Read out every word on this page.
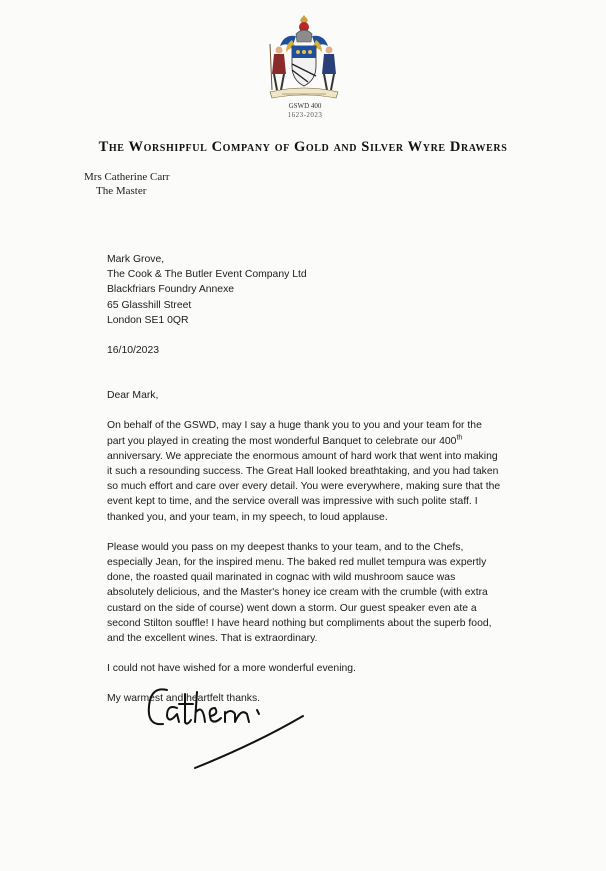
GSWD 400
1623-2023
The Worshipful Company of Gold and Silver Wyre Drawers
Mrs Catherine Carr
The Master

Mark Grove,
The Cook & The Butler Event Company Ltd
Blackfriars Foundry Annexe
65 Glasshill Street
London SE1 0QR

16/10/2023

Dear Mark,

On behalf of the GSWD, may I say a huge thank you to you and your team for the part you played in creating the most wonderful Banquet to celebrate our 400th anniversary. We appreciate the enormous amount of hard work that went into making it such a resounding success. The Great Hall looked breathtaking, and you had taken so much effort and care over every detail. You were everywhere, making sure that the event kept to time, and the service overall was impressive with such polite staff. I thanked you, and your team, in my speech, to loud applause.

Please would you pass on my deepest thanks to your team, and to the Chefs, especially Jean, for the inspired menu. The baked red mullet tempura was expertly done, the roasted quail marinated in cognac with wild mushroom sauce was absolutely delicious, and the Master's honey ice cream with the crumble (with extra custard on the side of course) went down a storm. Our guest speaker even ate a second Stilton souffle! I have heard nothing but compliments about the superb food, and the excellent wines. That is extraordinary.

I could not have wished for a more wonderful evening.

My warmest and heartfelt thanks.
